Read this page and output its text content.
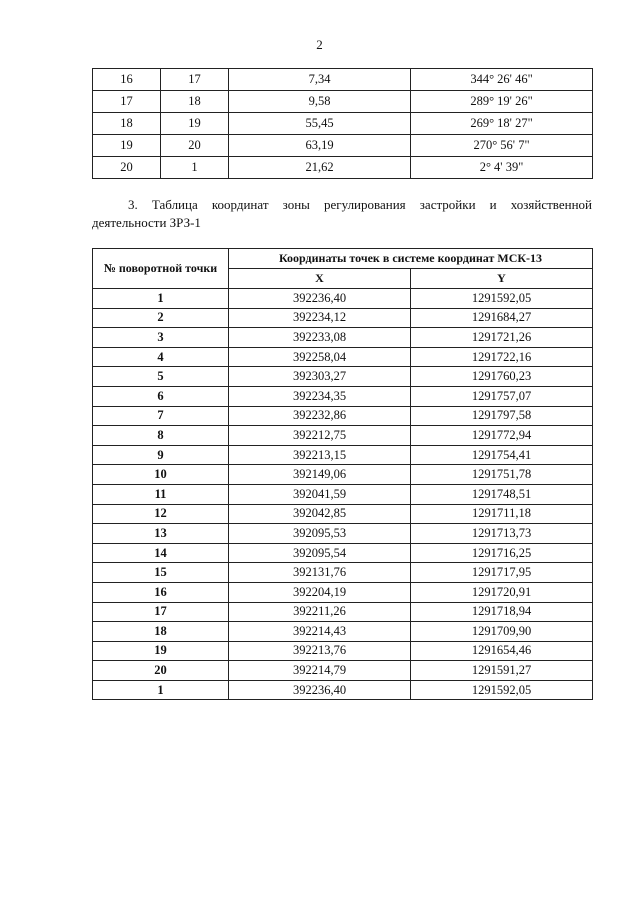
2
16	17	7,34	344° 26' 46"
17	18	9,58	289° 19' 26"
18	19	55,45	269° 18' 27"
19	20	63,19	270° 56' 7"
20	1	21,62	2° 4' 39"
3. Таблица координат зоны регулирования застройки и хозяйственной деятельности ЗРЗ-1
№ поворотной точки	Координаты точек в системе координат МСК-13	
	X	Y
1	392236,40	1291592,05
2	392234,12	1291684,27
3	392233,08	1291721,26
4	392258,04	1291722,16
5	392303,27	1291760,23
6	392234,35	1291757,07
7	392232,86	1291797,58
8	392212,75	1291772,94
9	392213,15	1291754,41
10	392149,06	1291751,78
11	392041,59	1291748,51
12	392042,85	1291711,18
13	392095,53	1291713,73
14	392095,54	1291716,25
15	392131,76	1291717,95
16	392204,19	1291720,91
17	392211,26	1291718,94
18	392214,43	1291709,90
19	392213,76	1291654,46
20	392214,79	1291591,27
1	392236,40	1291592,05
